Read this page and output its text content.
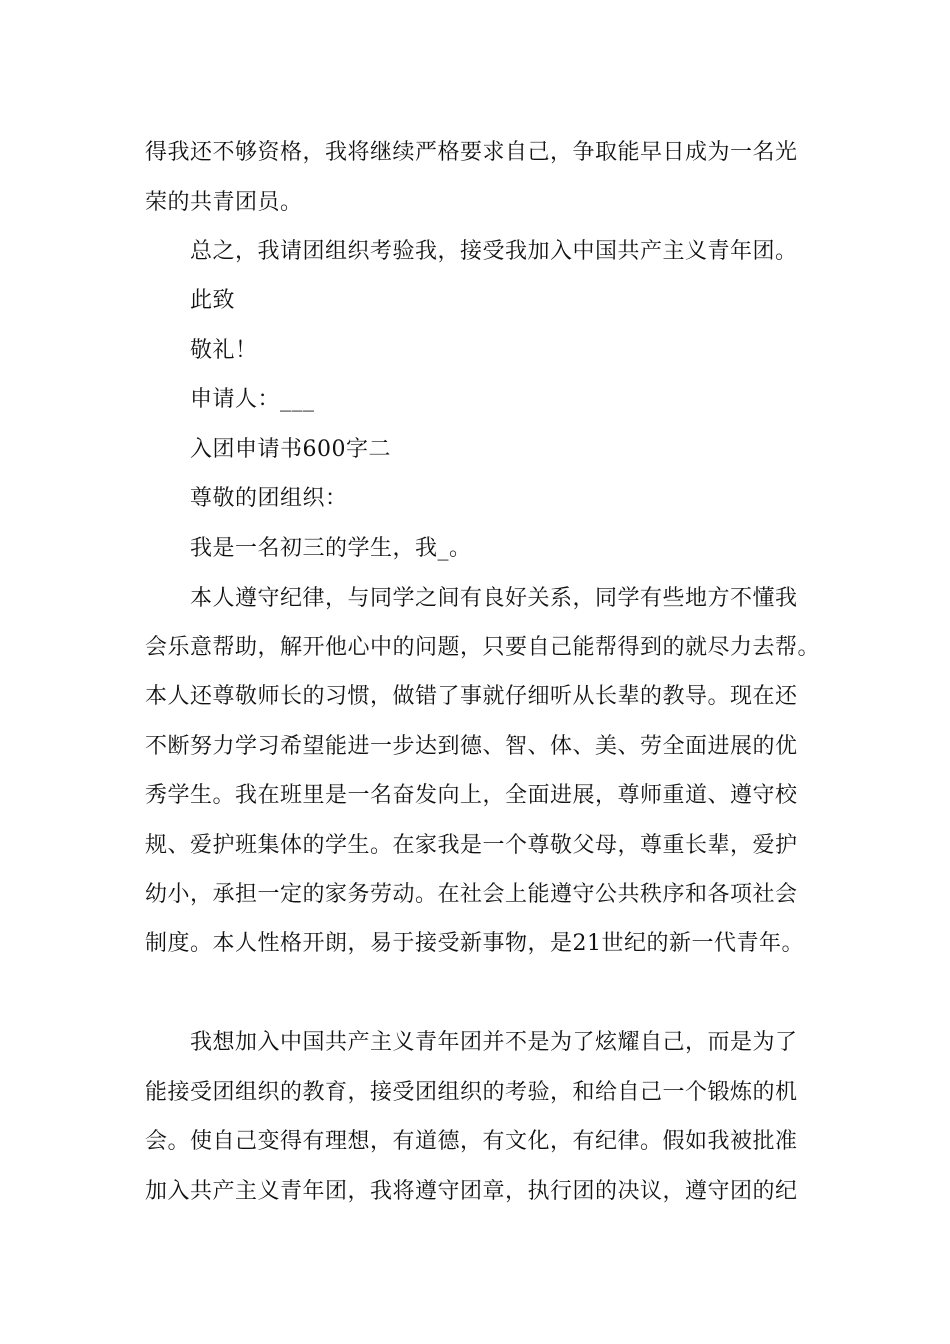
得我还不够资格，我将继续严格要求自己，争取能早日成为一名光

荣的共青团员。

总之，我请团组织考验我，接受我加入中国共产主义青年团。

此致

敬礼！

申请人：___

入团申请书600字二

尊敬的团组织：

我是一名初三的学生，我_。

本人遵守纪律，与同学之间有良好关系，同学有些地方不懂我

会乐意帮助，解开他心中的问题，只要自己能帮得到的就尽力去帮。

本人还尊敬师长的习惯，做错了事就仔细听从长辈的教导。现在还

不断努力学习希望能进一步达到德、智、体、美、劳全面进展的优

秀学生。我在班里是一名奋发向上，全面进展，尊师重道、遵守校

规、爱护班集体的学生。在家我是一个尊敬父母，尊重长辈，爱护

幼小，承担一定的家务劳动。在社会上能遵守公共秩序和各项社会

制度。本人性格开朗，易于接受新事物，是21世纪的新一代青年。

我想加入中国共产主义青年团并不是为了炫耀自己，而是为了

能接受团组织的教育，接受团组织的考验，和给自己一个锻炼的机

会。使自己变得有理想，有道德，有文化，有纪律。假如我被批准

加入共产主义青年团，我将遵守团章，执行团的决议，遵守团的纪
